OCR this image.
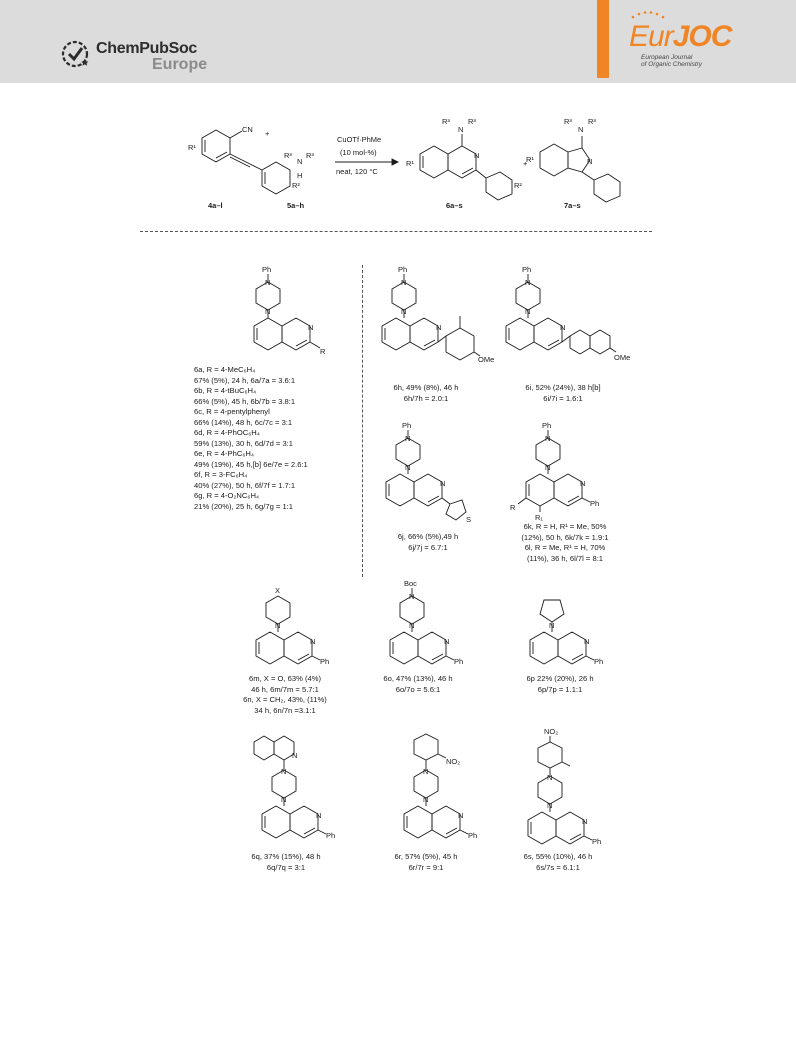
ChemPubSoc
Europe
EurJOC
European Journal
of Organic Chemistry
CN
R¹
R²
4a–l
+
R³
N
R³
H
5a–h
CuOTf·PhMe
(10 mol-%)
neat, 120 °C
R¹
R³
N
R³
N
R²
6a–s
+
R³
N
R³
N
R¹
7a–s
Ph
N
N
N
R
6a, R = 4-MeC₆H₄
67% (5%), 24 h, 6a/7a = 3.6:1
6b, R = 4-tBuC₆H₄
66% (5%), 45 h, 6b/7b = 3.8:1
6c, R = 4-pentylphenyl
66% (14%), 48 h, 6c/7c = 3:1
6d, R = 4-PhOC₆H₄
59% (13%), 30 h, 6d/7d = 3:1
6e, R = 4-PhC₆H₄
49% (19%), 45 h,[b] 6e/7e = 2.6:1
6f, R = 3-FC₆H₄
40% (27%), 50 h, 6f/7f = 1.7:1
6g, R = 4-O₂NC₆H₄
21% (20%), 25 h, 6g/7g = 1:1
Ph
N
N
N
OMe
6h, 49% (8%), 46 h
6h/7h = 2.0:1
Ph
N
N
N
OMe
6i, 52% (24%), 38 h[b]
6i/7i = 1.6:1
Ph
N
N
N
S
6j, 66% (5%),49 h
6j/7j = 6.7:1
Ph
N
N
N
Ph
R
R₁
6k, R = H, R¹ = Me, 50%
(12%), 50 h, 6k/7k = 1.9:1
6l, R = Me, R¹ = H, 70%
(11%), 36 h, 6l/7l = 8:1
X
N
N
Ph
6m, X = O, 63% (4%)
46 h, 6m/7m = 5.7:1
6n, X = CH₂, 43%, (11%)
34 h, 6n/7n =3.1:1
Boc
N
N
N
Ph
6o, 47% (13%), 46 h
6o/7o = 5.6:1
N
N
Ph
6p 22% (20%), 26 h
6p/7p = 1.1:1
N
N
N
N
Ph
6q, 37% (15%), 48 h
6q/7q = 3:1
NO₂
N
N
N
Ph
6r, 57% (5%), 45 h
6r/7r = 9:1
NO₂
N
N
N
Ph
6s, 55% (10%), 46 h
6s/7s = 6.1:1
